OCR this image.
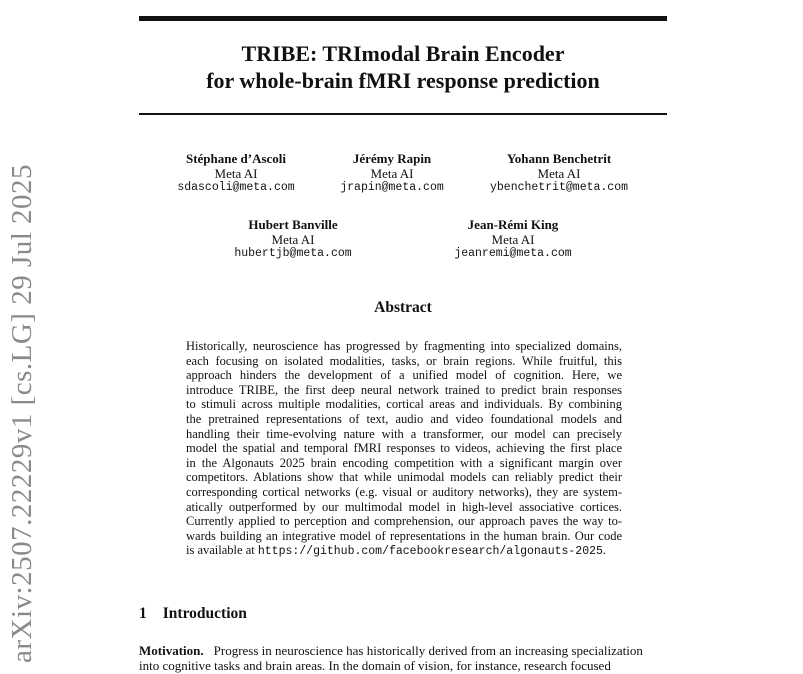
TRIBE: TRImodal Brain Encoder
for whole-brain fMRI response prediction
Stéphane d’Ascoli
Meta AI
sdascoli@meta.com
Jérémy Rapin
Meta AI
jrapin@meta.com
Yohann Benchetrit
Meta AI
ybenchetrit@meta.com
Hubert Banville
Meta AI
hubertjb@meta.com
Jean-Rémi King
Meta AI
jeanremi@meta.com
Abstract
Historically, neuroscience has progressed by fragmenting into specialized domains,
each focusing on isolated modalities, tasks, or brain regions. While fruitful, this
approach hinders the development of a unified model of cognition. Here, we
introduce TRIBE, the first deep neural network trained to predict brain responses
to stimuli across multiple modalities, cortical areas and individuals. By combining
the pretrained representations of text, audio and video foundational models and
handling their time-evolving nature with a transformer, our model can precisely
model the spatial and temporal fMRI responses to videos, achieving the first place
in the Algonauts 2025 brain encoding competition with a significant margin over
competitors. Ablations show that while unimodal models can reliably predict their
corresponding cortical networks (e.g. visual or auditory networks), they are system-
atically outperformed by our multimodal model in high-level associative cortices.
Currently applied to perception and comprehension, our approach paves the way to-
wards building an integrative model of representations in the human brain. Our code
is available at https://github.com/facebookresearch/algonauts-2025.
1 Introduction
Motivation. Progress in neuroscience has historically derived from an increasing specialization
into cognitive tasks and brain areas. In the domain of vision, for instance, research focused
arXiv:2507.22229v1 [cs.LG] 29 Jul 2025
